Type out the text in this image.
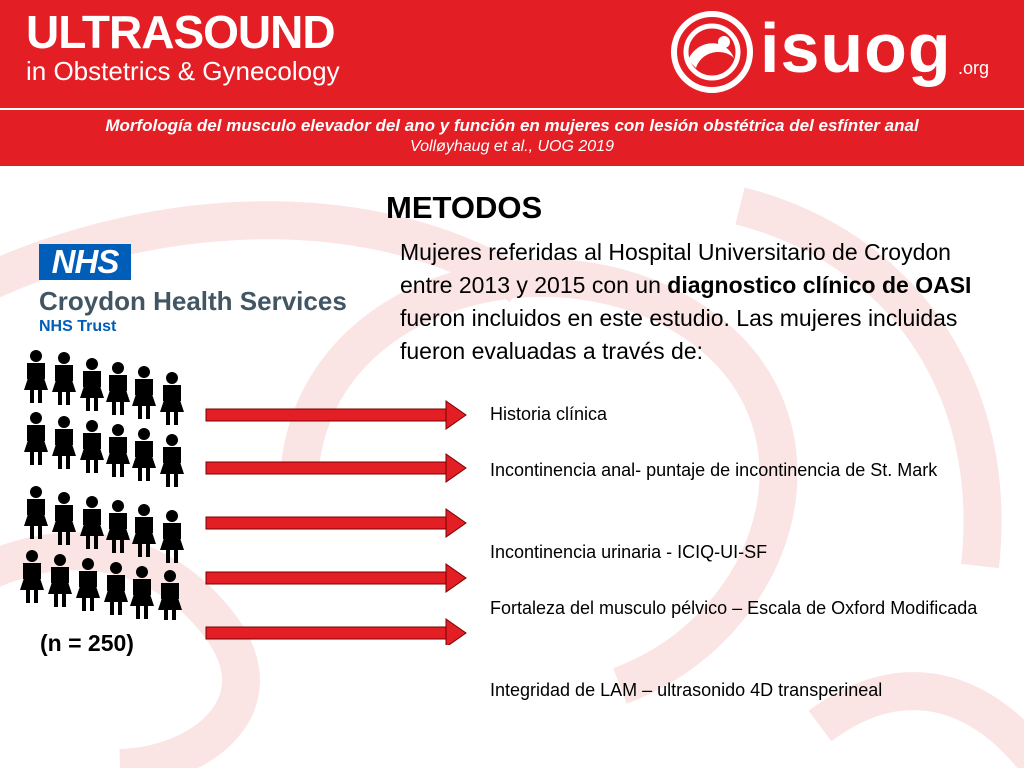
ULTRASOUND
in Obstetrics & Gynecology	isuog .org
Morfología del musculo elevador del ano y función en mujeres con lesión obstétrica del esfínter anal
Volløyhaug et al., UOG 2019
METODOS
Mujeres referidas al Hospital Universitario de Croydon entre 2013 y 2015 con un diagnostico clínico de OASI fueron incluidos en este estudio. Las mujeres incluidas fueron evaluadas a través de:
NHS
Croydon Health Services
NHS Trust
(n = 250)
Historia clínica
Incontinencia anal- puntaje de incontinencia de St. Mark
Incontinencia urinaria - ICIQ-UI-SF
Fortaleza del musculo pélvico – Escala de Oxford Modificada
Integridad de LAM – ultrasonido 4D transperineal
